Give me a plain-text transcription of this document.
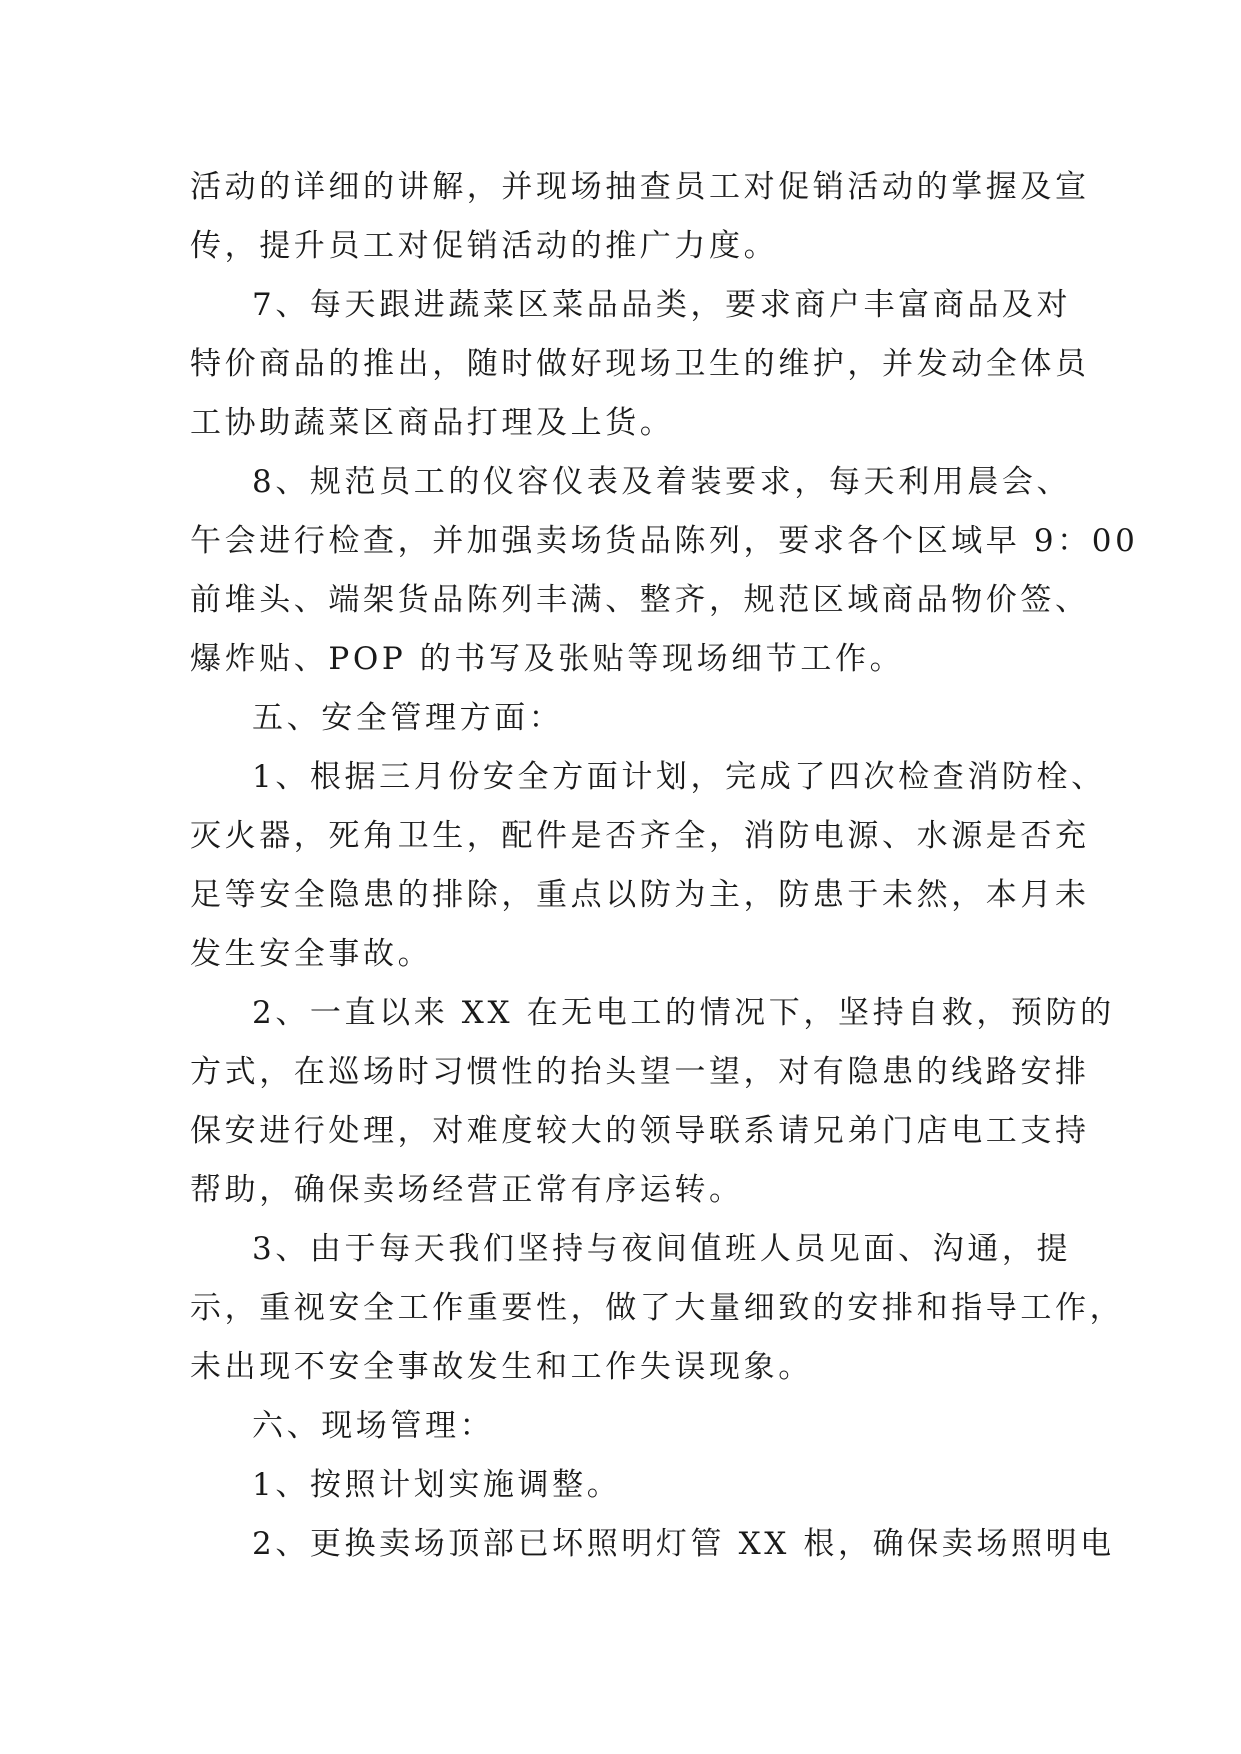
活动的详细的讲解，并现场抽查员工对促销活动的掌握及宣
传，提升员工对促销活动的推广力度。
7、每天跟进蔬菜区菜品品类，要求商户丰富商品及对
特价商品的推出，随时做好现场卫生的维护，并发动全体员
工协助蔬菜区商品打理及上货。
8、规范员工的仪容仪表及着装要求，每天利用晨会、
午会进行检查，并加强卖场货品陈列，要求各个区域早 9：00
前堆头、端架货品陈列丰满、整齐，规范区域商品物价签、
爆炸贴、POP 的书写及张贴等现场细节工作。
五、安全管理方面：
1、根据三月份安全方面计划，完成了四次检查消防栓、
灭火器，死角卫生，配件是否齐全，消防电源、水源是否充
足等安全隐患的排除，重点以防为主，防患于未然，本月未
发生安全事故。
2、一直以来 XX 在无电工的情况下，坚持自救，预防的
方式，在巡场时习惯性的抬头望一望，对有隐患的线路安排
保安进行处理，对难度较大的领导联系请兄弟门店电工支持
帮助，确保卖场经营正常有序运转。
3、由于每天我们坚持与夜间值班人员见面、沟通，提
示，重视安全工作重要性，做了大量细致的安排和指导工作，
未出现不安全事故发生和工作失误现象。
六、现场管理：
1、按照计划实施调整。
2、更换卖场顶部已坏照明灯管 XX 根，确保卖场照明电
